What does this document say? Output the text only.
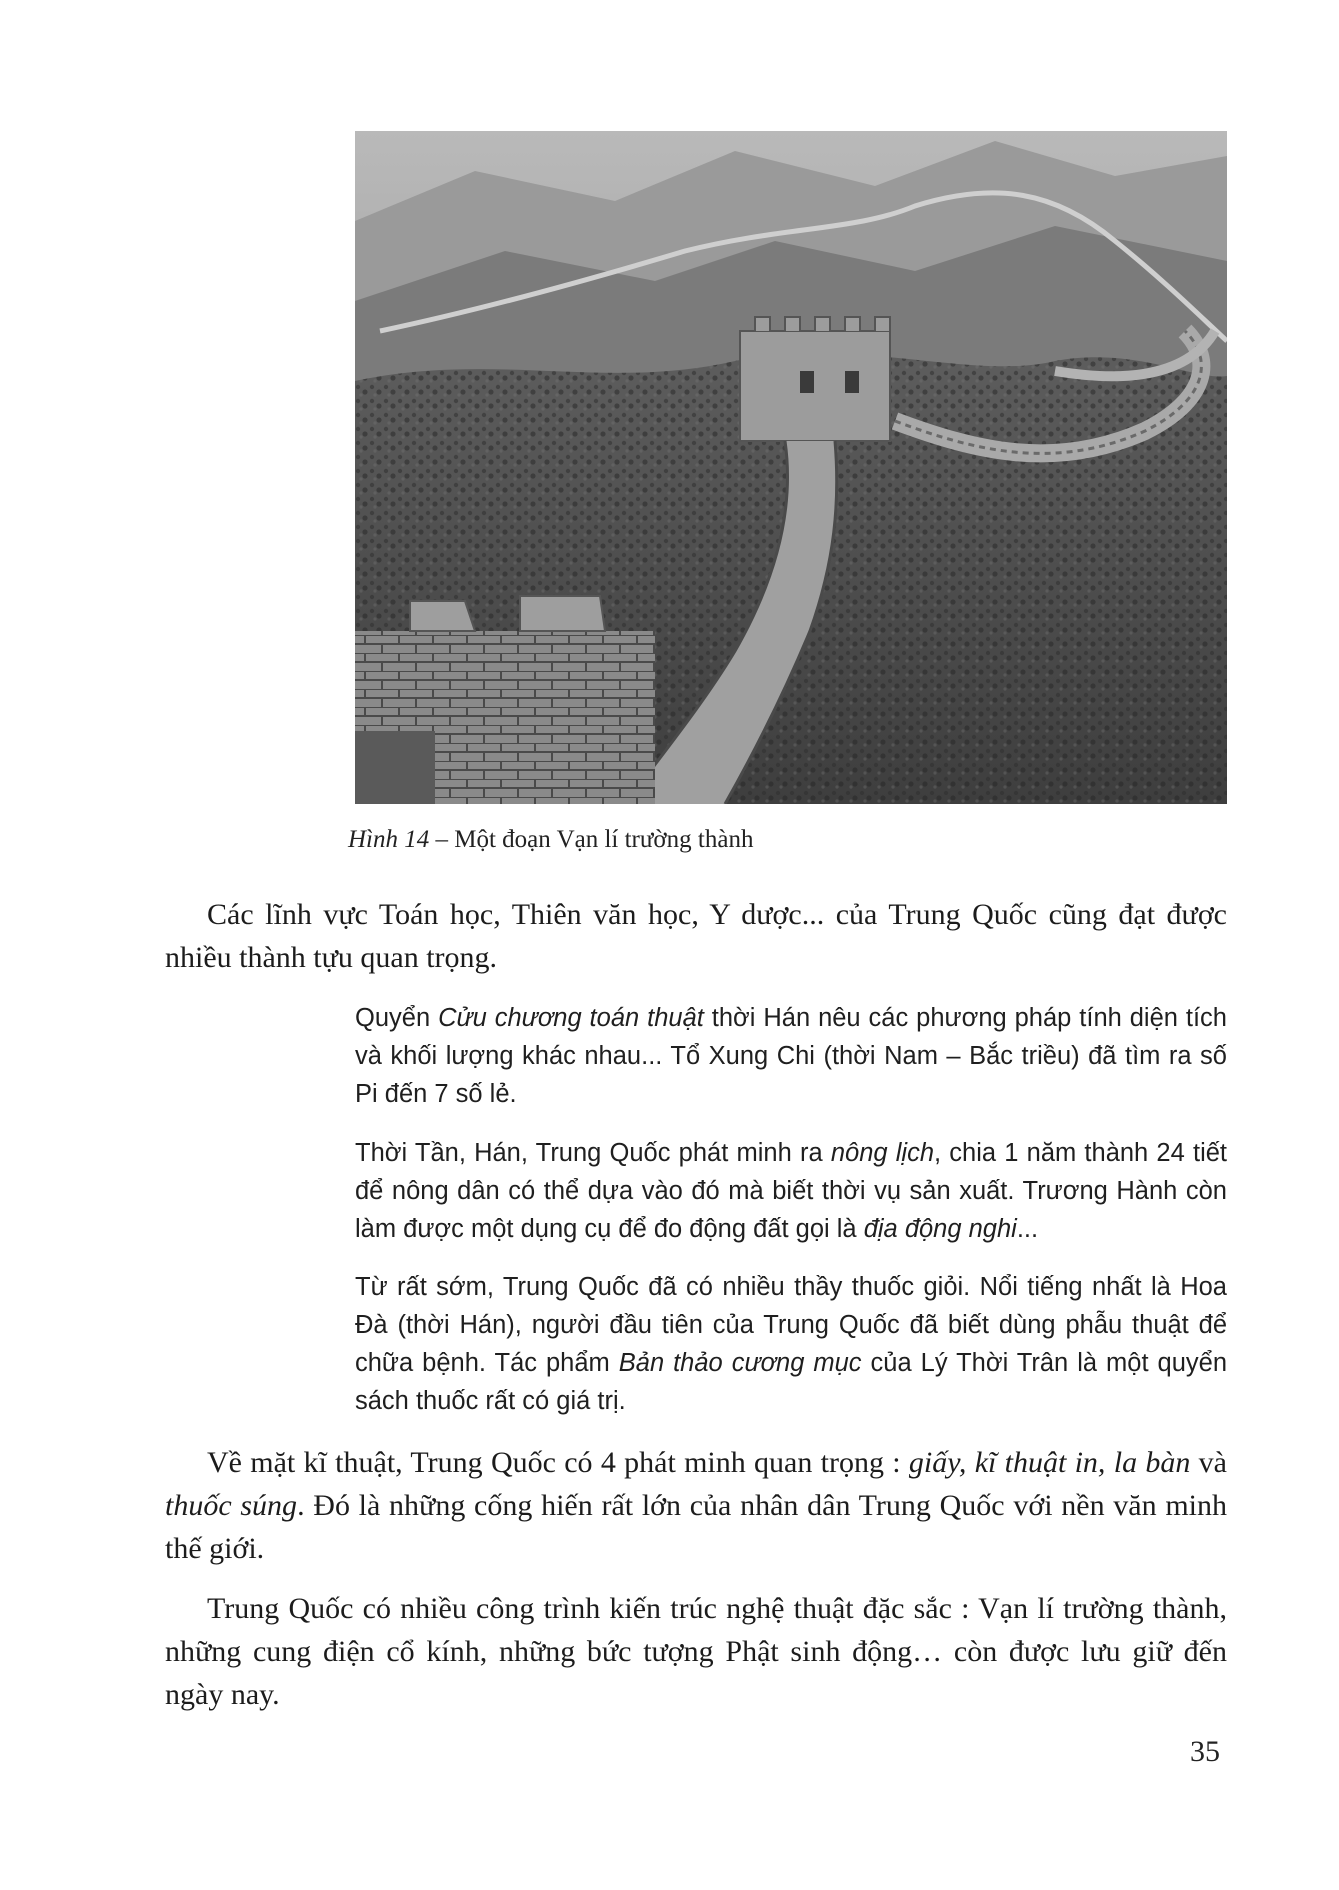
Hình 14 – Một đoạn Vạn lí trường thành
Các lĩnh vực Toán học, Thiên văn học, Y dược... của Trung Quốc cũng đạt được nhiều thành tựu quan trọng.
Quyển Cửu chương toán thuật thời Hán nêu các phương pháp tính diện tích và khối lượng khác nhau... Tổ Xung Chi (thời Nam – Bắc triều) đã tìm ra số Pi đến 7 số lẻ.
Thời Tần, Hán, Trung Quốc phát minh ra nông lịch, chia 1 năm thành 24 tiết để nông dân có thể dựa vào đó mà biết thời vụ sản xuất. Trương Hành còn làm được một dụng cụ để đo động đất gọi là địa động nghi...
Từ rất sớm, Trung Quốc đã có nhiều thầy thuốc giỏi. Nổi tiếng nhất là Hoa Đà (thời Hán), người đầu tiên của Trung Quốc đã biết dùng phẫu thuật để chữa bệnh. Tác phẩm Bản thảo cương mục của Lý Thời Trân là một quyển sách thuốc rất có giá trị.
Về mặt kĩ thuật, Trung Quốc có 4 phát minh quan trọng : giấy, kĩ thuật in, la bàn và thuốc súng. Đó là những cống hiến rất lớn của nhân dân Trung Quốc với nền văn minh thế giới.
Trung Quốc có nhiều công trình kiến trúc nghệ thuật đặc sắc : Vạn lí trường thành, những cung điện cổ kính, những bức tượng Phật sinh động… còn được lưu giữ đến ngày nay.
35
